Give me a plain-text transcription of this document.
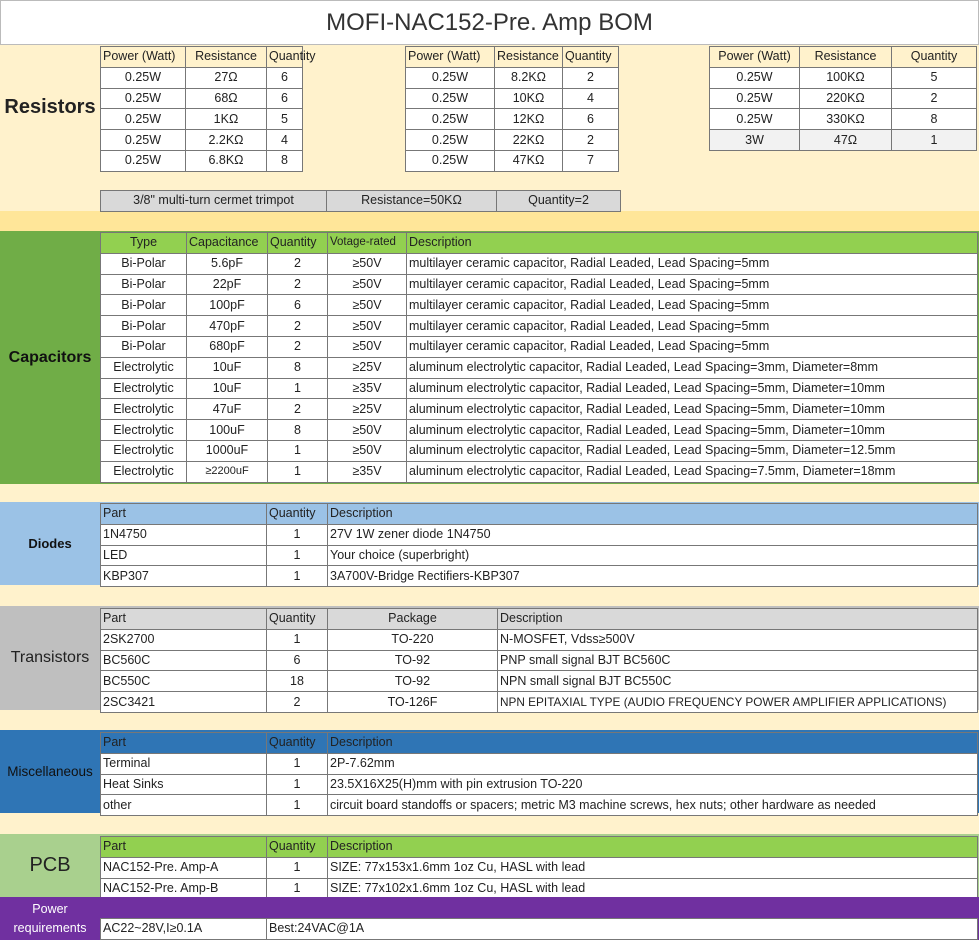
MOFI-NAC152-Pre. Amp BOM
Resistors
Power (Watt)	Resistance	Quantity
0.25W	27Ω	6
0.25W	68Ω	6
0.25W	1KΩ	5
0.25W	2.2KΩ	4
0.25W	6.8KΩ	8
Power (Watt)	Resistance	Quantity
0.25W	8.2KΩ	2
0.25W	10KΩ	4
0.25W	12KΩ	6
0.25W	22KΩ	2
0.25W	47KΩ	7
Power (Watt)	Resistance	Quantity
0.25W	100KΩ	5
0.25W	220KΩ	2
0.25W	330KΩ	8
3W	47Ω	1
3/8" multi-turn cermet trimpot	Resistance=50KΩ	Quantity=2
Capacitors
Type	Capacitance	Quantity	Votage-rated	Description
Bi-Polar	5.6pF	2	≥50V	multilayer ceramic capacitor, Radial Leaded, Lead Spacing=5mm
Bi-Polar	22pF	2	≥50V	multilayer ceramic capacitor, Radial Leaded, Lead Spacing=5mm
Bi-Polar	100pF	6	≥50V	multilayer ceramic capacitor, Radial Leaded, Lead Spacing=5mm
Bi-Polar	470pF	2	≥50V	multilayer ceramic capacitor, Radial Leaded, Lead Spacing=5mm
Bi-Polar	680pF	2	≥50V	multilayer ceramic capacitor, Radial Leaded, Lead Spacing=5mm
Electrolytic	10uF	8	≥25V	aluminum electrolytic capacitor, Radial Leaded, Lead Spacing=3mm, Diameter=8mm
Electrolytic	10uF	1	≥35V	aluminum electrolytic capacitor, Radial Leaded, Lead Spacing=5mm, Diameter=10mm
Electrolytic	47uF	2	≥25V	aluminum electrolytic capacitor, Radial Leaded, Lead Spacing=5mm, Diameter=10mm
Electrolytic	100uF	8	≥50V	aluminum electrolytic capacitor, Radial Leaded, Lead Spacing=5mm, Diameter=10mm
Electrolytic	1000uF	1	≥50V	aluminum electrolytic capacitor, Radial Leaded, Lead Spacing=5mm, Diameter=12.5mm
Electrolytic	≥2200uF	1	≥35V	aluminum electrolytic capacitor, Radial Leaded, Lead Spacing=7.5mm, Diameter=18mm
Diodes
Part	Quantity	Description
1N4750	1	27V 1W zener diode 1N4750
LED	1	Your choice (superbright)
KBP307	1	3A700V-Bridge Rectifiers-KBP307
Transistors
Part	Quantity	Package	Description
2SK2700	1	TO-220	N-MOSFET, Vdss≥500V
BC560C	6	TO-92	PNP small signal BJT BC560C
BC550C	18	TO-92	NPN small signal BJT BC550C
2SC3421	2	TO-126F	NPN EPITAXIAL TYPE (AUDIO FREQUENCY POWER AMPLIFIER APPLICATIONS)
Miscellaneous
Part	Quantity	Description
Terminal	1	2P-7.62mm
Heat Sinks	1	23.5X16X25(H)mm with pin extrusion TO-220
other	1	circuit board standoffs or spacers; metric M3 machine screws, hex nuts; other hardware as needed
PCB
Part	Quantity	Description
NAC152-Pre. Amp-A	1	SIZE: 77x153x1.6mm 1oz Cu, HASL with lead
NAC152-Pre. Amp-B	1	SIZE: 77x102x1.6mm 1oz Cu, HASL with lead
Power requirements	AC22~28V,I≥0.1A	Best:24VAC@1A
